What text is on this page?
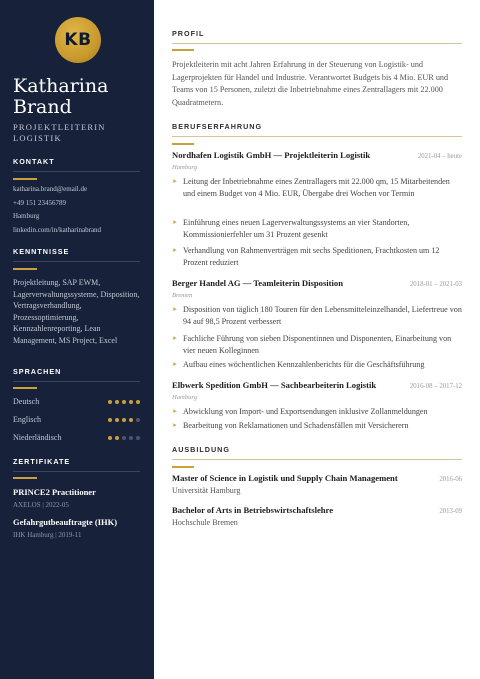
KB
Katharina
Brand
PROJEKTLEITERIN
LOGISTIK
KONTAKT
katharina.brand@email.de
+49 151 23456789
Hamburg
linkedin.com/in/katharinabrand
KENNTNISSE
Projektleitung, SAP EWM, Lagerverwaltungssysteme, Disposition, Vertragsverhandlung, Prozessoptimierung, Kennzahlenreporting, Lean Management, MS Project, Excel
SPRACHEN
Deutsch
Englisch
Niederländisch
ZERTIFIKATE
PRINCE2 Practitioner
AXELOS | 2022-05
Gefahrgutbeauftragte (IHK)
IHK Hamburg | 2019-11
PROFIL
Projektleiterin mit acht Jahren Erfahrung in der Steuerung von Logistik- und Lagerprojekten für Handel und Industrie. Verantwortet Budgets bis 4 Mio. EUR und Teams von 15 Personen, zuletzt die Inbetriebnahme eines Zentrallagers mit 22.000 Quadratmetern.
BERUFSERFAHRUNG
Nordhafen Logistik GmbH — Projektleiterin Logistik	2021-04 – heute
Hamburg
➤ Leitung der Inbetriebnahme eines Zentrallagers mit 22.000 qm, 15 Mitarbeitenden und einem Budget von 4 Mio. EUR, Übergabe drei Wochen vor Termin
➤ Einführung eines neuen Lagerverwaltungssystems an vier Standorten, Kommissionierfehler um 31 Prozent gesenkt
➤ Verhandlung von Rahmenverträgen mit sechs Speditionen, Frachtkosten um 12 Prozent reduziert
Berger Handel AG — Teamleiterin Disposition	2018-01 – 2021-03
Bremen
➤ Disposition von täglich 180 Touren für den Lebensmitteleinzelhandel, Liefertreue von 94 auf 98,5 Prozent verbessert
➤ Fachliche Führung von sieben Disponentinnen und Disponenten, Einarbeitung von vier neuen Kolleginnen
➤ Aufbau eines wöchentlichen Kennzahlenberichts für die Geschäftsführung
Elbwerk Spedition GmbH — Sachbearbeiterin Logistik	2016-08 – 2017-12
Hamburg
➤ Abwicklung von Import- und Exportsendungen inklusive Zollanmeldungen
➤ Bearbeitung von Reklamationen und Schadensfällen mit Versicherern
AUSBILDUNG
Master of Science in Logistik und Supply Chain Management	2016-06
Universität Hamburg
Bachelor of Arts in Betriebswirtschaftslehre	2013-09
Hochschule Bremen
